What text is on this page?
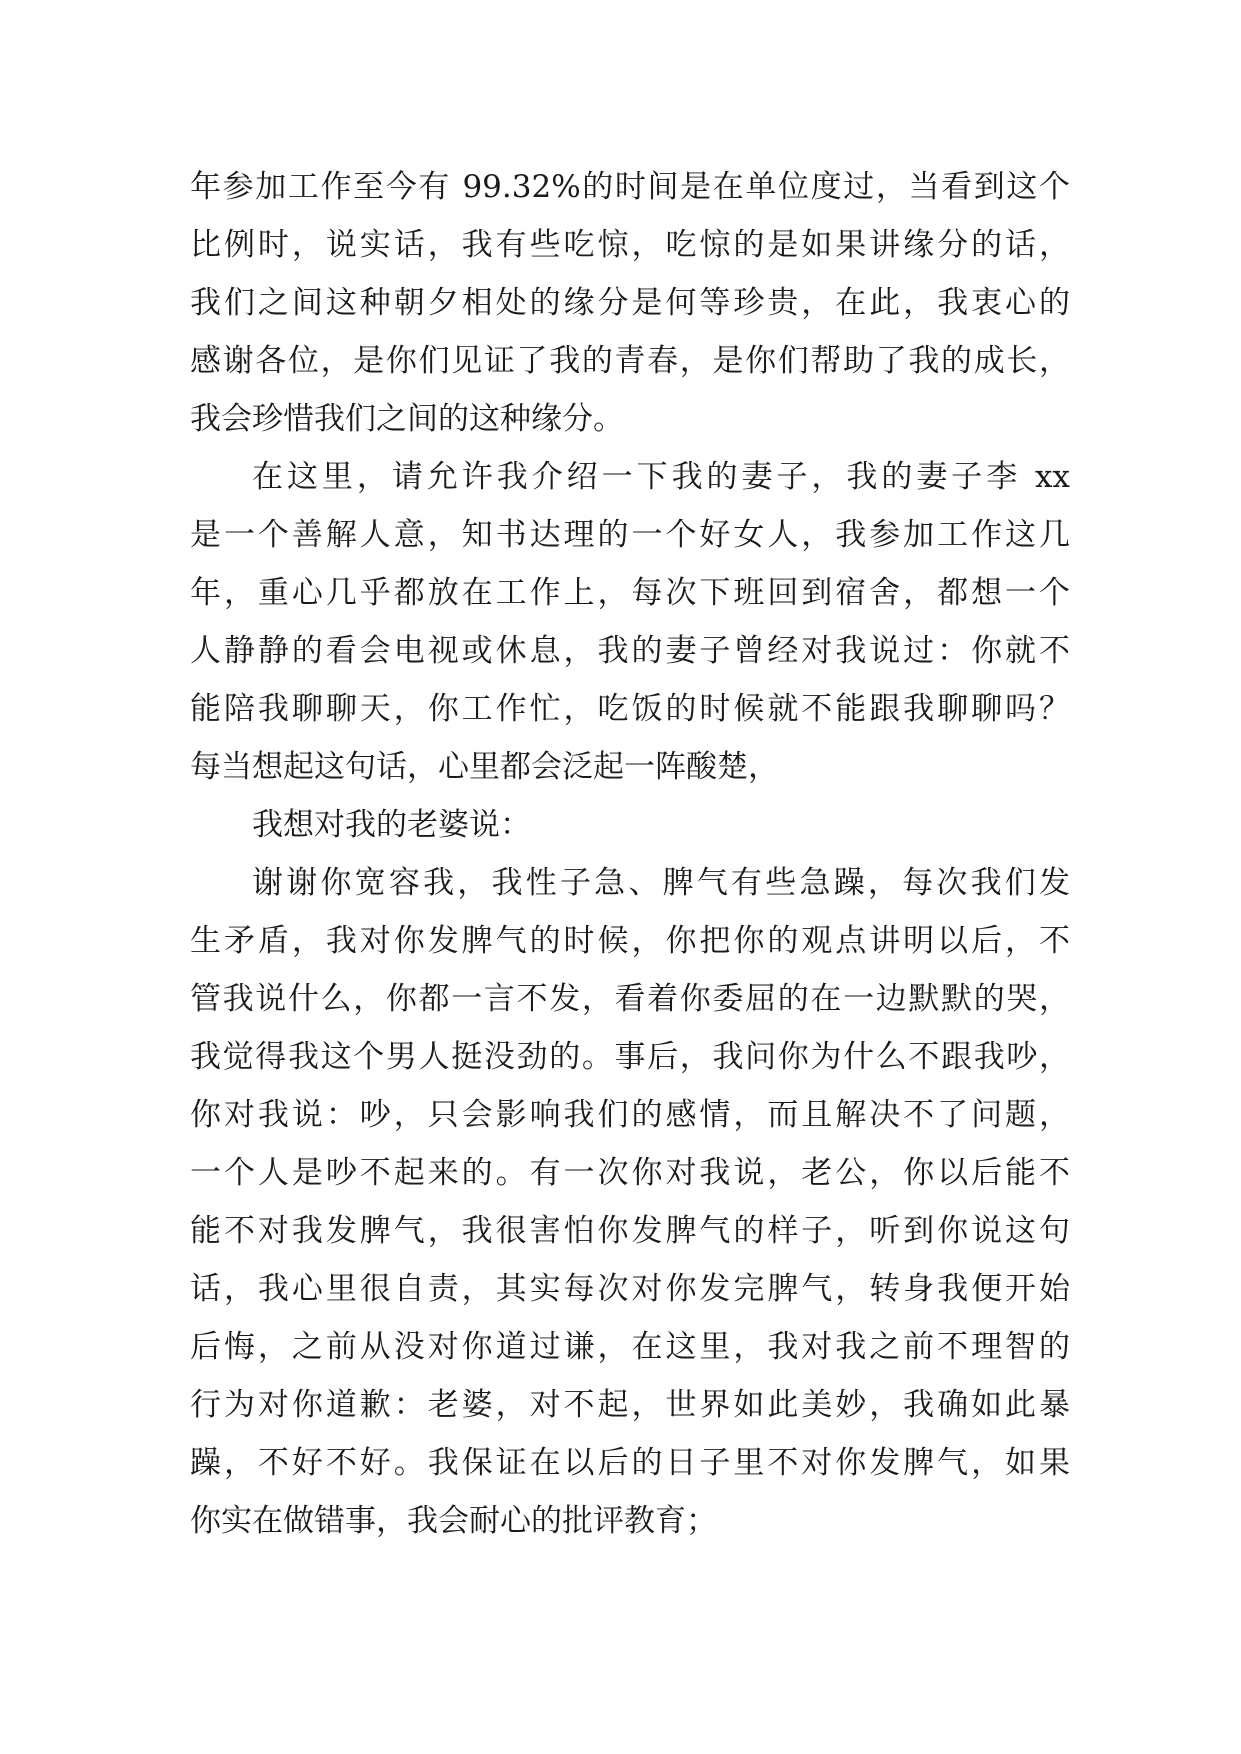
年参加工作至今有 99.32%的时间是在单位度过，当看到这个
比例时，说实话，我有些吃惊，吃惊的是如果讲缘分的话，
我们之间这种朝夕相处的缘分是何等珍贵，在此，我衷心的
感谢各位，是你们见证了我的青春，是你们帮助了我的成长，
我会珍惜我们之间的这种缘分。
在这里，请允许我介绍一下我的妻子，我的妻子李 xx
是一个善解人意，知书达理的一个好女人，我参加工作这几
年，重心几乎都放在工作上，每次下班回到宿舍，都想一个
人静静的看会电视或休息，我的妻子曾经对我说过：你就不
能陪我聊聊天，你工作忙，吃饭的时候就不能跟我聊聊吗？
每当想起这句话，心里都会泛起一阵酸楚，
我想对我的老婆说：
谢谢你宽容我，我性子急、脾气有些急躁，每次我们发
生矛盾，我对你发脾气的时候，你把你的观点讲明以后，不
管我说什么，你都一言不发，看着你委屈的在一边默默的哭，
我觉得我这个男人挺没劲的。事后，我问你为什么不跟我吵，
你对我说：吵，只会影响我们的感情，而且解决不了问题，
一个人是吵不起来的。有一次你对我说，老公，你以后能不
能不对我发脾气，我很害怕你发脾气的样子，听到你说这句
话，我心里很自责，其实每次对你发完脾气，转身我便开始
后悔，之前从没对你道过谦，在这里，我对我之前不理智的
行为对你道歉：老婆，对不起，世界如此美妙，我确如此暴
躁，不好不好。我保证在以后的日子里不对你发脾气，如果
你实在做错事，我会耐心的批评教育；
